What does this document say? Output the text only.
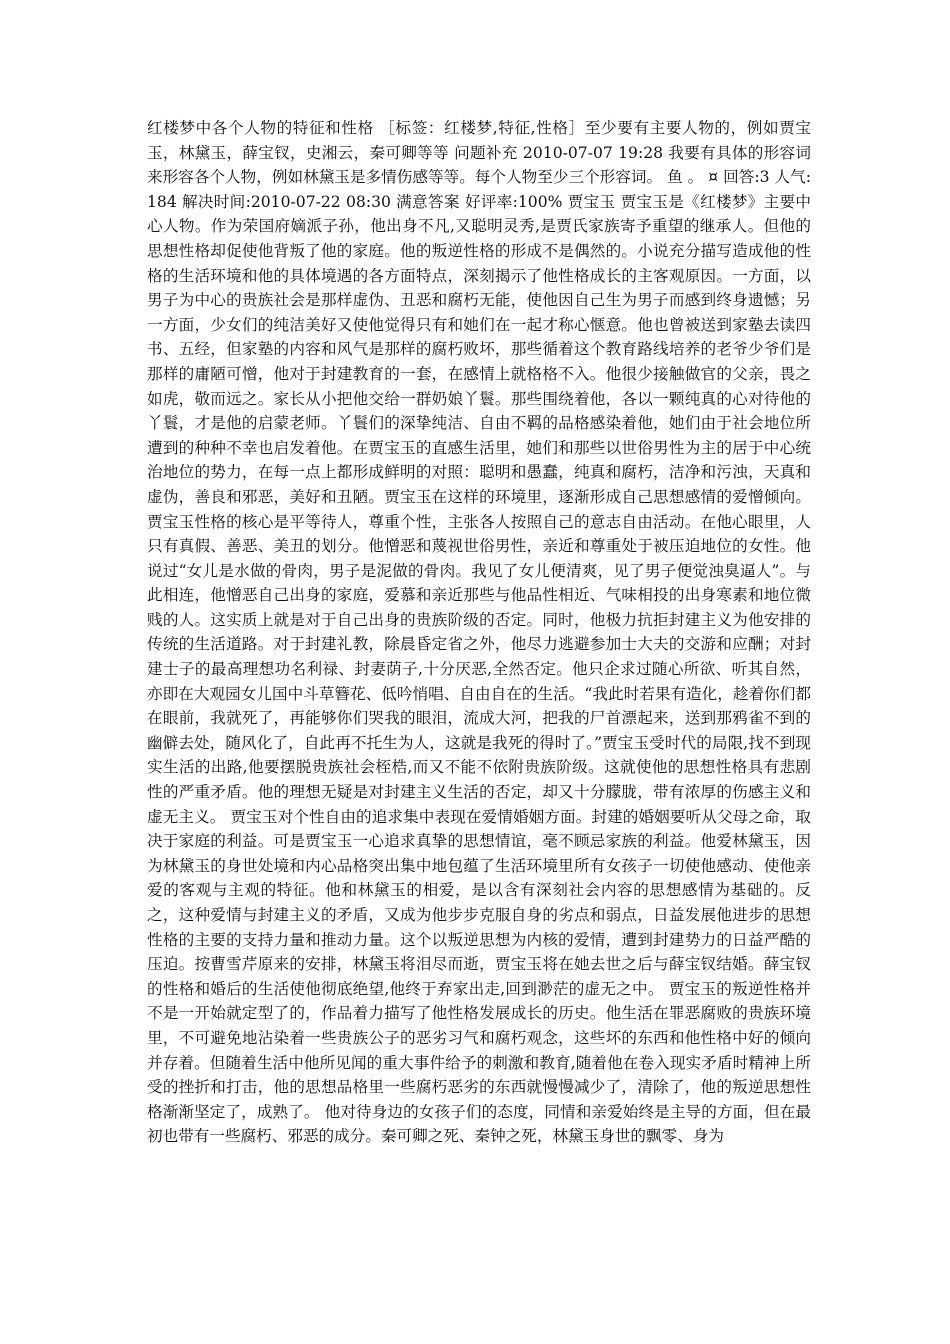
红楼梦中各个人物的特征和性格 ［标签：红楼梦,特征,性格］至少要有主要人物的，例如贾宝玉，林黛玉，薛宝钗，史湘云，秦可卿等等 问题补充 2010-07-07 19:28 我要有具体的形容词来形容各个人物，例如林黛玉是多情伤感等等。每个人物至少三个形容词。 鱼 。 ¤ 回答:3 人气:184 解决时间:2010-07-22 08:30 满意答案 好评率:100% 贾宝玉 贾宝玉是《红楼梦》主要中心人物。作为荣国府嫡派子孙，他出身不凡,又聪明灵秀,是贾氏家族寄予重望的继承人。但他的思想性格却促使他背叛了他的家庭。他的叛逆性格的形成不是偶然的。小说充分描写造成他的性格的生活环境和他的具体境遇的各方面特点，深刻揭示了他性格成长的主客观原因。一方面，以男子为中心的贵族社会是那样虚伪、丑恶和腐朽无能，使他因自己生为男子而感到终身遗憾；另一方面，少女们的纯洁美好又使他觉得只有和她们在一起才称心惬意。他也曾被送到家塾去读四书、五经，但家塾的内容和风气是那样的腐朽败坏，那些循着这个教育路线培养的老爷少爷们是那样的庸陋可憎，他对于封建教育的一套，在感情上就格格不入。他很少接触做官的父亲，畏之如虎，敬而远之。家长从小把他交给一群奶娘丫鬟。那些围绕着他，各以一颗纯真的心对待他的丫鬟，才是他的启蒙老师。丫鬟们的深挚纯洁、自由不羁的品格感染着他，她们由于社会地位所遭到的种种不幸也启发着他。在贾宝玉的直感生活里，她们和那些以世俗男性为主的居于中心统治地位的势力，在每一点上都形成鲜明的对照：聪明和愚蠢，纯真和腐朽，洁净和污浊，天真和虚伪，善良和邪恶，美好和丑陋。贾宝玉在这样的环境里，逐渐形成自己思想感情的爱憎倾向。 贾宝玉性格的核心是平等待人，尊重个性，主张各人按照自己的意志自由活动。在他心眼里，人只有真假、善恶、美丑的划分。他憎恶和蔑视世俗男性，亲近和尊重处于被压迫地位的女性。他说过“女儿是水做的骨肉，男子是泥做的骨肉。我见了女儿便清爽，见了男子便觉浊臭逼人”。与此相连，他憎恶自己出身的家庭，爱慕和亲近那些与他品性相近、气味相投的出身寒素和地位微贱的人。这实质上就是对于自己出身的贵族阶级的否定。同时，他极力抗拒封建主义为他安排的传统的生活道路。对于封建礼教，除晨昏定省之外，他尽力逃避参加士大夫的交游和应酬；对封建士子的最高理想功名利禄、封妻荫子,十分厌恶,全然否定。他只企求过随心所欲、听其自然，亦即在大观园女儿国中斗草簪花、低吟悄唱、自由自在的生活。“我此时若果有造化，趁着你们都在眼前，我就死了，再能够你们哭我的眼泪，流成大河，把我的尸首漂起来，送到那鸦雀不到的幽僻去处，随风化了，自此再不托生为人，这就是我死的得时了。”贾宝玉受时代的局限,找不到现实生活的出路,他要摆脱贵族社会桎梏,而又不能不依附贵族阶级。这就使他的思想性格具有悲剧性的严重矛盾。他的理想无疑是对封建主义生活的否定，却又十分朦胧，带有浓厚的伤感主义和虚无主义。 贾宝玉对个性自由的追求集中表现在爱情婚姻方面。封建的婚姻要听从父母之命，取决于家庭的利益。可是贾宝玉一心追求真挚的思想情谊，毫不顾忌家族的利益。他爱林黛玉，因为林黛玉的身世处境和内心品格突出集中地包蕴了生活环境里所有女孩子一切使他感动、使他亲爱的客观与主观的特征。他和林黛玉的相爱，是以含有深刻社会内容的思想感情为基础的。反之，这种爱情与封建主义的矛盾，又成为他步步克服自身的劣点和弱点，日益发展他进步的思想性格的主要的支持力量和推动力量。这个以叛逆思想为内核的爱情，遭到封建势力的日益严酷的压迫。按曹雪芹原来的安排，林黛玉将泪尽而逝，贾宝玉将在她去世之后与薛宝钗结婚。薛宝钗的性格和婚后的生活使他彻底绝望,他终于弃家出走,回到渺茫的虚无之中。 贾宝玉的叛逆性格并不是一开始就定型了的，作品着力描写了他性格发展成长的历史。他生活在罪恶腐败的贵族环境里，不可避免地沾染着一些贵族公子的恶劣习气和腐朽观念，这些坏的东西和他性格中好的倾向并存着。但随着生活中他所见闻的重大事件给予的刺激和教育,随着他在卷入现实矛盾时精神上所受的挫折和打击，他的思想品格里一些腐朽恶劣的东西就慢慢减少了，清除了，他的叛逆思想性格渐渐坚定了，成熟了。 他对待身边的女孩子们的态度，同情和亲爱始终是主导的方面，但在最初也带有一些腐朽、邪恶的成分。秦可卿之死、秦钟之死，林黛玉身世的飘零、身为
